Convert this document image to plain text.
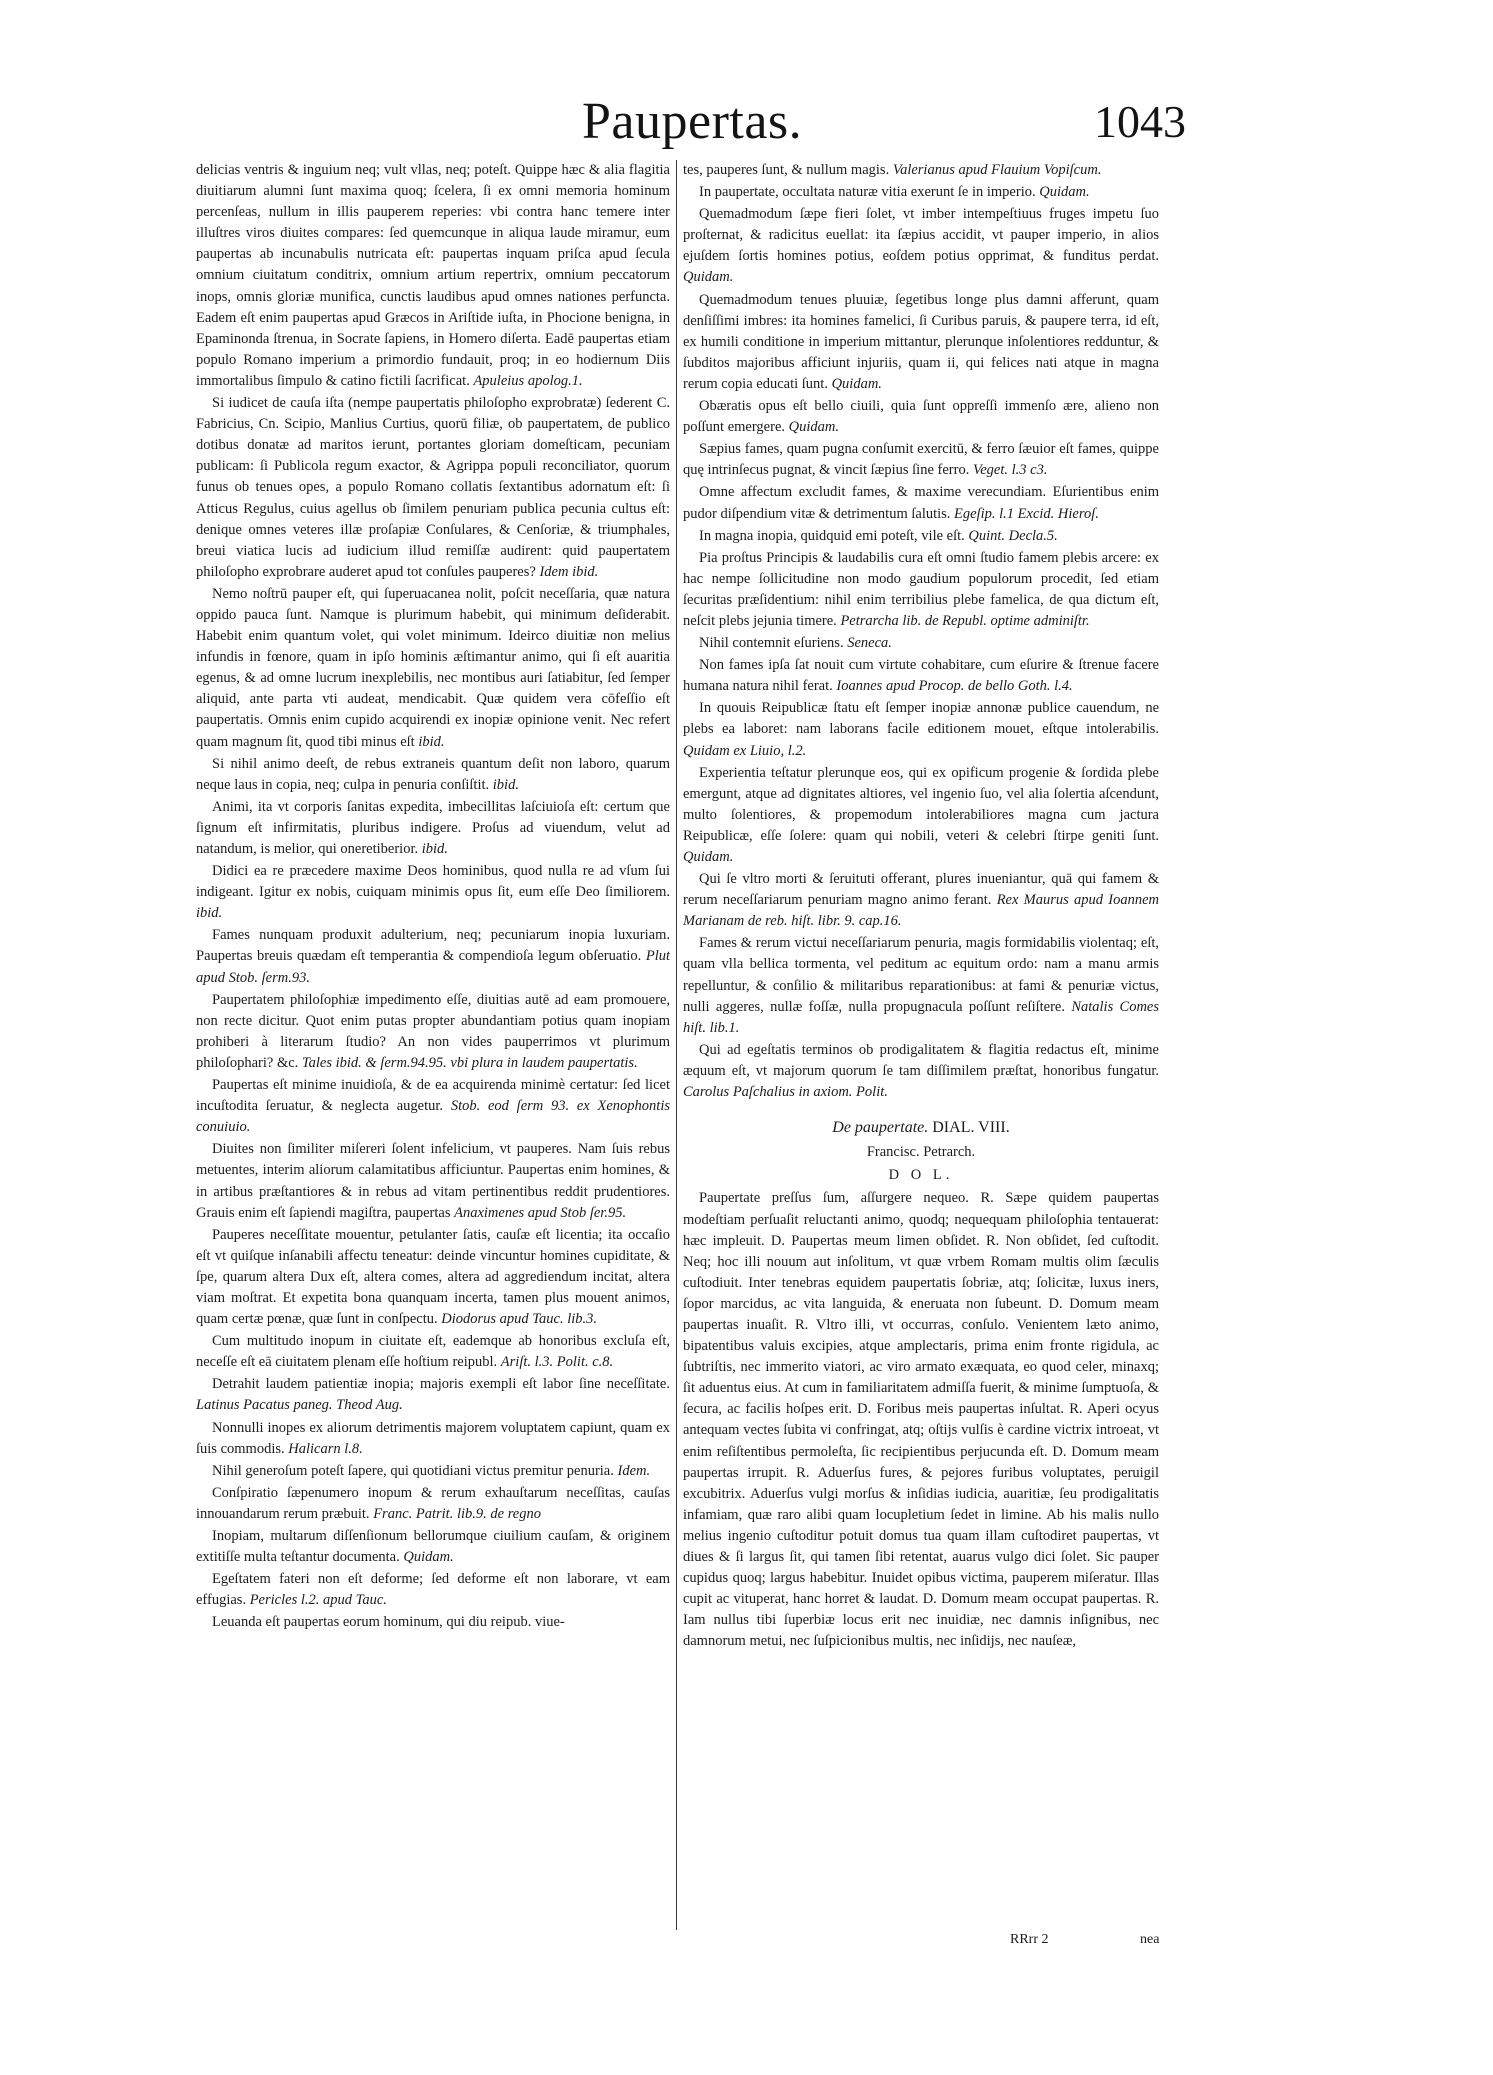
Paupertas.	1043

delicias ventris & inguium neq; vult vllas, neq; poteſt. Quippe hæc & alia flagitia diuitiarum alumni ſunt maxima quoq; ſcelera, ſi ex omni memoria hominum percenſeas, nullum in illis pauperem reperies: vbi contra hanc temere inter illuſtres viros diuites compares: ſed quemcunque in aliqua laude miramur, eum paupertas ab incunabulis nutricata eſt: paupertas inquam priſca apud ſecula omnium ciuitatum conditrix, omnium artium repertrix, omnium peccatorum inops, omnis gloriæ munifica, cunctis laudibus apud omnes nationes perfuncta. Eadem eſt enim paupertas apud Græcos in Ariſtide iuſta, in Phocione benigna, in Epaminonda ſtrenua, in Socrate ſapiens, in Homero diſerta. Eadē paupertas etiam populo Romano imperium a primordio fundauit, proq; in eo hodiernum Diis immortalibus ſimpulo & catino fictili ſacrificat. Apuleius apolog.1.

Si iudicet de cauſa iſta (nempe paupertatis philoſopho exprobratæ) ſederent C. Fabricius, Cn. Scipio, Manlius Curtius, quorū filiæ, ob paupertatem, de publico dotibus donatæ ad maritos ierunt, portantes gloriam domeſticam, pecuniam publicam: ſi Publicola regum exactor, & Agrippa populi reconciliator, quorum funus ob tenues opes, a populo Romano collatis ſextantibus adornatum eſt: ſi Atticus Regulus, cuius agellus ob ſimilem penuriam publica pecunia cultus eſt: denique omnes veteres illæ proſapiæ Conſulares, & Cenſoriæ, & triumphales, breui viatica lucis ad iudicium illud remiſſæ audirent: quid paupertatem philoſopho exprobrare auderet apud tot conſules pauperes? Idem ibid.

Nemo noſtrū pauper eſt, qui ſuperuacanea nolit, poſcit neceſſaria, quæ natura oppido pauca ſunt. Namque is plurimum habebit, qui minimum deſiderabit. Habebit enim quantum volet, qui volet minimum. Ideirco diuitiæ non melius infundis in fœnore, quam in ipſo hominis æſtimantur animo, qui ſi eſt auaritia egenus, & ad omne lucrum inexplebilis, nec montibus auri ſatiabitur, ſed ſemper aliquid, ante parta vti audeat, mendicabit. Quæ quidem vera cōfeſſio eſt paupertatis. Omnis enim cupido acquirendi ex inopiæ opinione venit. Nec refert quam magnum ſit, quod tibi minus eſt ibid.

Si nihil animo deeſt, de rebus extraneis quantum deſit non laboro, quarum neque laus in copia, neq; culpa in penuria conſiſtit. ibid.

Animi, ita vt corporis ſanitas expedita, imbecillitas laſciuioſa eſt: certum que ſignum eſt infirmitatis, pluribus indigere. Proſus ad viuendum, velut ad natandum, is melior, qui oneretiberior. ibid.

Didici ea re præcedere maxime Deos hominibus, quod nulla re ad vſum ſui indigeant. Igitur ex nobis, cuiquam minimis opus ſit, eum eſſe Deo ſimiliorem. ibid.

Fames nunquam produxit adulterium, neq; pecuniarum inopia luxuriam. Paupertas breuis quædam eſt temperantia & compendioſa legum obſeruatio. Plut apud Stob. ſerm.93.

Paupertatem philoſophiæ impedimento eſſe, diuitias autē ad eam promouere, non recte dicitur. Quot enim putas propter abundantiam potius quam inopiam prohiberi à literarum ſtudio? An non vides pauperrimos vt plurimum philoſophari? &c. Tales ibid. & ſerm.94.95. vbi plura in laudem paupertatis.

Paupertas eſt minime inuidioſa, & de ea acquirenda minimè certatur: ſed licet incuſtodita ſeruatur, & neglecta augetur. Stob. eod ſerm 93. ex Xenophontis conuiuio.

Diuites non ſimiliter miſereri ſolent infelicium, vt pauperes. Nam ſuis rebus metuentes, interim aliorum calamitatibus afficiuntur. Paupertas enim homines, & in artibus præſtantiores & in rebus ad vitam pertinentibus reddit prudentiores. Grauis enim eſt ſapiendi magiſtra, paupertas Anaximenes apud Stob ſer.95.

Pauperes neceſſitate mouentur, petulanter ſatis, cauſæ eſt licentia; ita occaſio eſt vt quiſque inſanabili affectu teneatur: deinde vincuntur homines cupiditate, & ſpe, quarum altera Dux eſt, altera comes, altera ad aggrediendum incitat, altera viam moſtrat. Et expetita bona quanquam incerta, tamen plus mouent animos, quam certæ pœnæ, quæ ſunt in conſpectu. Diodorus apud Tauc. lib.3.

Cum multitudo inopum in ciuitate eſt, eademque ab honoribus excluſa eſt, neceſſe eſt eā ciuitatem plenam eſſe hoſtium reipubl. Ariſt. l.3. Polit. c.8.

Detrahit laudem patientiæ inopia; majoris exempli eſt labor ſine neceſſitate. Latinus Pacatus paneg. Theod Aug.

Nonnulli inopes ex aliorum detrimentis majorem voluptatem capiunt, quam ex ſuis commodis. Halicarn l.8.

Nihil generoſum poteſt ſapere, qui quotidiani victus premitur penuria. Idem.

Conſpiratio ſæpenumero inopum & rerum exhauſtarum neceſſitas, cauſas innouandarum rerum præbuit. Franc. Patrit. lib.9. de regno

Inopiam, multarum diſſenſionum bellorumque ciuilium cauſam, & originem extitiſſe multa teſtantur documenta. Quidam.

Egeſtatem fateri non eſt deforme; ſed deforme eſt non laborare, vt eam effugias. Pericles l.2. apud Tauc.

Leuanda eſt paupertas eorum hominum, qui diu reipub. viue-

tes, pauperes ſunt, & nullum magis. Valerianus apud Flauium Vopiſcum.

In paupertate, occultata naturæ vitia exerunt ſe in imperio. Quidam.

Quemadmodum ſæpe fieri ſolet, vt imber intempeſtiuus fruges impetu ſuo proſternat, & radicitus euellat: ita ſæpius accidit, vt pauper imperio, in alios ejuſdem ſortis homines potius, eoſdem potius opprimat, & funditus perdat. Quidam.

Quemadmodum tenues pluuiæ, ſegetibus longe plus damni afferunt, quam denſiſſimi imbres: ita homines famelici, ſi Curibus paruis, & paupere terra, id eſt, ex humili conditione in imperium mittantur, plerunque inſolentiores redduntur, & ſubditos majoribus afficiunt injuriis, quam ii, qui felices nati atque in magna rerum copia educati ſunt. Quidam.

Obæratis opus eſt bello ciuili, quia ſunt oppreſſi immenſo ære, alieno non poſſunt emergere. Quidam.

Sæpius fames, quam pugna conſumit exercitū, & ferro ſæuior eſt fames, quippe quę intrinſecus pugnat, & vincit ſæpius ſine ferro. Veget. l.3 c3.

Omne affectum excludit fames, & maxime verecundiam. Eſurientibus enim pudor diſpendium vitæ & detrimentum ſalutis. Egeſip. l.1 Excid. Hieroſ.

In magna inopia, quidquid emi poteſt, vile eſt. Quint. Decla.5.

Pia proſtus Principis & laudabilis cura eſt omni ſtudio famem plebis arcere: ex hac nempe ſollicitudine non modo gaudium populorum procedit, ſed etiam ſecuritas præſidentium: nihil enim terribilius plebe famelica, de qua dictum eſt, neſcit plebs jejunia timere. Petrarcha lib. de Republ. optime adminiſtr.

Nihil contemnit eſuriens. Seneca.

Non fames ipſa ſat nouit cum virtute cohabitare, cum eſurire & ſtrenue facere humana natura nihil ferat. Ioannes apud Procop. de bello Goth. l.4.

In quouis Reipublicæ ſtatu eſt ſemper inopiæ annonæ publice cauendum, ne plebs ea laboret: nam laborans facile editionem mouet, eſtque intolerabilis. Quidam ex Liuio, l.2.

Experientia teſtatur plerunque eos, qui ex opificum progenie & ſordida plebe emergunt, atque ad dignitates altiores, vel ingenio ſuo, vel alia ſolertia aſcendunt, multo ſolentiores, & propemodum intolerabiliores magna cum jactura Reipublicæ, eſſe ſolere: quam qui nobili, veteri & celebri ſtirpe geniti ſunt. Quidam.

Qui ſe vltro morti & ſeruituti offerant, plures inueniantur, quā qui famem & rerum neceſſariarum penuriam magno animo ferant. Rex Maurus apud Ioannem Marianam de reb. hiſt. libr. 9. cap.16.

Fames & rerum victui neceſſariarum penuria, magis formidabilis violentaq; eſt, quam vlla bellica tormenta, vel peditum ac equitum ordo: nam a manu armis repelluntur, & conſilio & militaribus reparationibus: at fami & penuriæ victus, nulli aggeres, nullæ foſſæ, nulla propugnacula poſſunt reſiſtere. Natalis Comes hiſt. lib.1.

Qui ad egeſtatis terminos ob prodigalitatem & flagitia redactus eſt, minime æquum eſt, vt majorum quorum ſe tam diſſimilem præſtat, honoribus fungatur. Carolus Paſchalius in axiom. Polit.

De paupertate. DIAL. VIII.
Francisc. Petrarch.
D O L.

Paupertate preſſus ſum, aſſurgere nequeo. R. Sæpe quidem paupertas modeſtiam perſuaſit reluctanti animo, quodq; nequequam philoſophia tentauerat: hæc impleuit. D. Paupertas meum limen obſidet. R. Non obſidet, ſed cuſtodit. Neq; hoc illi nouum aut inſolitum, vt quæ vrbem Romam multis olim ſæculis cuſtodiuit. Inter tenebras equidem paupertatis ſobriæ, atq; ſolicitæ, luxus iners, ſopor marcidus, ac vita languida, & eneruata non ſubeunt. D. Domum meam paupertas inuaſit. R. Vltro illi, vt occurras, conſulo. Venientem læto animo, bipatentibus valuis excipies, atque amplectaris, prima enim fronte rigidula, ac ſubtriſtis, nec immerito viatori, ac viro armato exæquata, eo quod celer, minaxq; ſit aduentus eius. At cum in familiaritatem admiſſa fuerit, & minime ſumptuoſa, & ſecura, ac facilis hoſpes erit. D. Foribus meis paupertas inſultat. R. Aperi ocyus antequam vectes ſubita vi confringat, atq; oſtijs vulſis è cardine victrix introeat, vt enim reſiſtentibus permoleſta, ſic recipientibus perjucunda eſt. D. Domum meam paupertas irrupit. R. Aduerſus fures, & pejores furibus voluptates, peruigil excubitrix. Aduerſus vulgi morſus & inſidias iudicia, auaritiæ, ſeu prodigalitatis infamiam, quæ raro alibi quam locupletium ſedet in limine. Ab his malis nullo melius ingenio cuſtoditur potuit domus tua quam illam cuſtodiret paupertas, vt diues & ſi largus ſit, qui tamen ſibi retentat, auarus vulgo dici ſolet. Sic pauper cupidus quoq; largus habebitur. Inuidet opibus victima, pauperem miſeratur. Illas cupit ac vituperat, hanc horret & laudat. D. Domum meam occupat paupertas. R. Iam nullus tibi ſuperbiæ locus erit nec inuidiæ, nec damnis inſignibus, nec damnorum metui, nec ſuſpicionibus multis, nec inſidijs, nec nauſeæ,

RRrr 2	nea
